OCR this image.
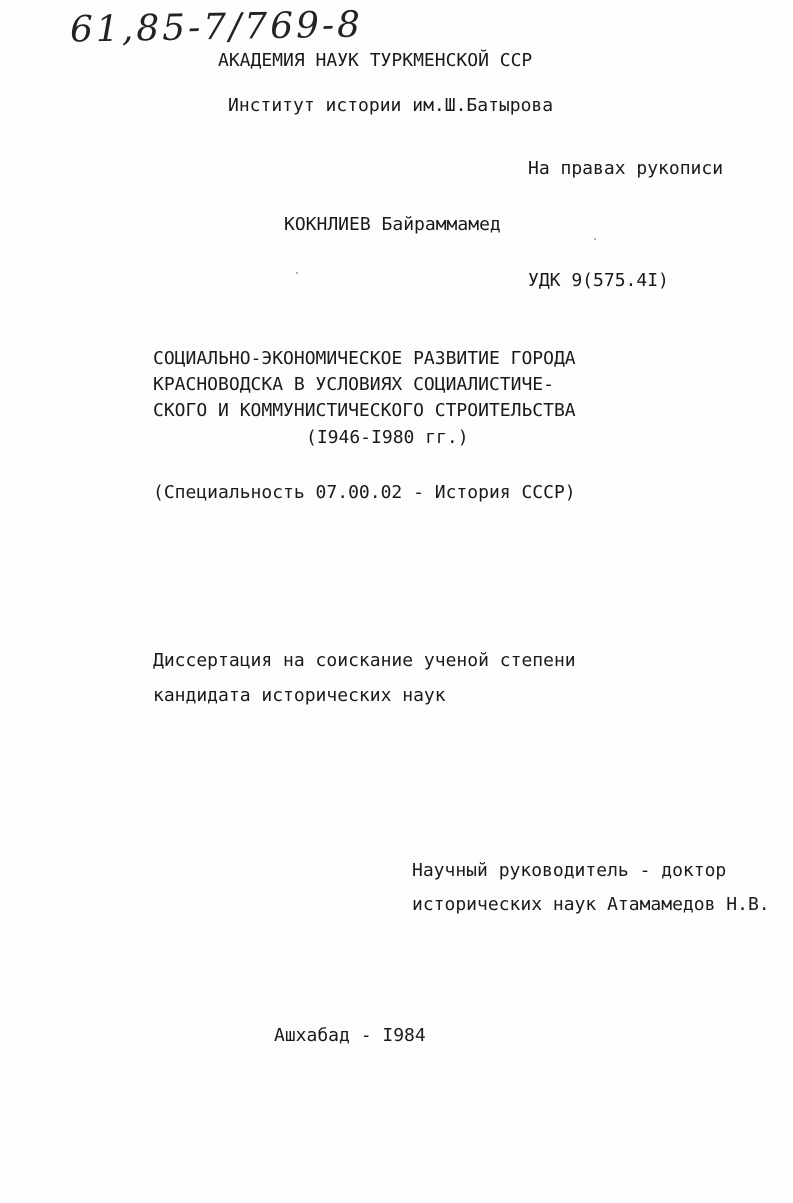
61,85-7/769-8
АКАДЕМИЯ НАУК ТУРКМЕНСКОЙ ССР
Институт истории им.Ш.Батырова
На правах рукописи
КОКНЛИЕВ Байраммамед
УДК 9(575.4I)
СОЦИАЛЬНО-ЭКОНОМИЧЕСКОЕ РАЗВИТИЕ ГОРОДА
КРАСНОВОДСКА В УСЛОВИЯХ СОЦИАЛИСТИЧЕ-
СКОГО И КОММУНИСТИЧЕСКОГО СТРОИТЕЛЬСТВА
(I946-I980 гг.)
(Специальность 07.00.02 - История СССР)
Диссертация на соискание ученой степени
кандидата исторических наук
Научный руководитель - доктор
исторических наук Атамамедов Н.В.
Ашхабад - I984
